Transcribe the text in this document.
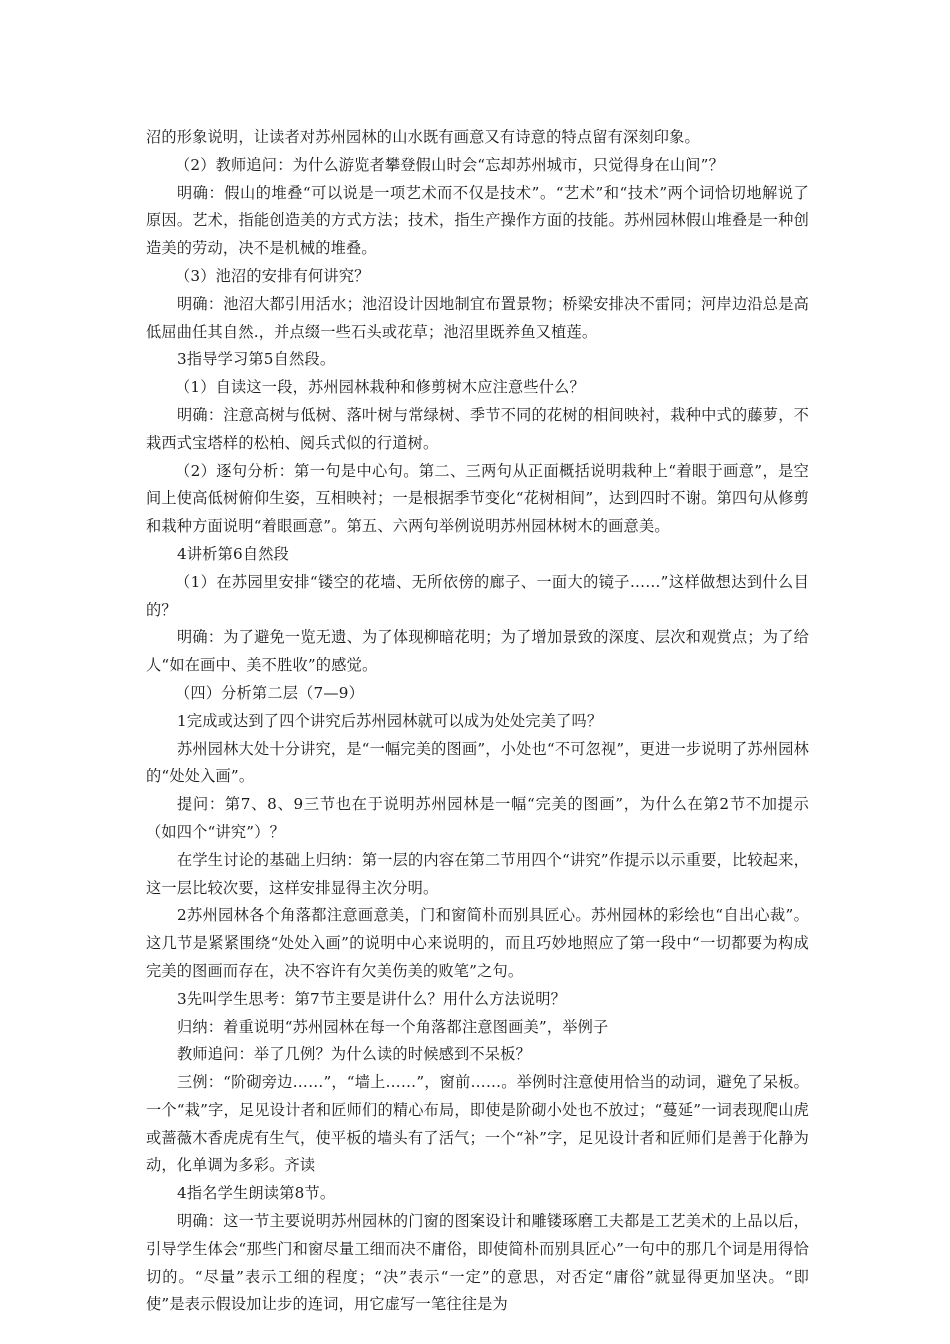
沼的形象说明，让读者对苏州园林的山水既有画意又有诗意的特点留有深刻印象。

（2）教师追问：为什么游览者攀登假山时会“忘却苏州城市，只觉得身在山间”？

明确：假山的堆叠“可以说是一项艺术而不仅是技术”。“艺术”和“技术”两个词恰切地解说了原因。艺术，指能创造美的方式方法；技术，指生产操作方面的技能。苏州园林假山堆叠是一种创造美的劳动，决不是机械的堆叠。

（3）池沼的安排有何讲究？

明确：池沼大都引用活水；池沼设计因地制宜布置景物；桥梁安排决不雷同；河岸边沿总是高低屈曲任其自然.，并点缀一些石头或花草；池沼里既养鱼又植莲。

3指导学习第5自然段。

（1）自读这一段，苏州园林栽种和修剪树木应注意些什么？

明确：注意高树与低树、落叶树与常绿树、季节不同的花树的相间映衬，栽种中式的藤萝，不栽西式宝塔样的松柏、阅兵式似的行道树。

（2）逐句分析：第一句是中心句。第二、三两句从正面概括说明栽种上“着眼于画意”，是空间上使高低树俯仰生姿，互相映衬；一是根据季节变化“花树相间”，达到四时不谢。第四句从修剪和栽种方面说明“着眼画意”。第五、六两句举例说明苏州园林树木的画意美。

4讲析第6自然段

（1）在苏园里安排“镂空的花墙、无所依傍的廊子、一面大的镜子……”这样做想达到什么目的？

明确：为了避免一览无遗、为了体现柳暗花明；为了增加景致的深度、层次和观赏点；为了给人“如在画中、美不胜收”的感觉。

（四）分析第二层（7—9）

1完成或达到了四个讲究后苏州园林就可以成为处处完美了吗？

苏州园林大处十分讲究，是“一幅完美的图画”，小处也“不可忽视”，更进一步说明了苏州园林的“处处入画”。

提问：第7、8、9三节也在于说明苏州园林是一幅“完美的图画”，为什么在第2节不加提示（如四个“讲究”）？

在学生讨论的基础上归纳：第一层的内容在第二节用四个“讲究”作提示以示重要，比较起来，这一层比较次要，这样安排显得主次分明。

2苏州园林各个角落都注意画意美，门和窗简朴而别具匠心。苏州园林的彩绘也“自出心裁”。这几节是紧紧围绕“处处入画”的说明中心来说明的，而且巧妙地照应了第一段中“一切都要为构成完美的图画而存在，决不容许有欠美伤美的败笔”之句。

3先叫学生思考：第7节主要是讲什么？用什么方法说明？

归纳：着重说明“苏州园林在每一个角落都注意图画美”，举例子

教师追问：举了几例？为什么读的时候感到不呆板？

三例：“阶砌旁边……”，“墙上……”，窗前……。举例时注意使用恰当的动词，避免了呆板。一个“栽”字，足见设计者和匠师们的精心布局，即使是阶砌小处也不放过；“蔓延”一词表现爬山虎或蔷薇木香虎虎有生气，使平板的墙头有了活气；一个“补”字，足见设计者和匠师们是善于化静为动，化单调为多彩。齐读

4指名学生朗读第8节。

明确：这一节主要说明苏州园林的门窗的图案设计和雕镂琢磨工夫都是工艺美术的上品以后，引导学生体会“那些门和窗尽量工细而决不庸俗，即使简朴而别具匠心”一句中的那几个词是用得恰切的。“尽量”表示工细的程度；“决”表示“一定”的意思，对否定“庸俗”就显得更加坚决。“即使”是表示假设加让步的连词，用它虚写一笔往往是为
